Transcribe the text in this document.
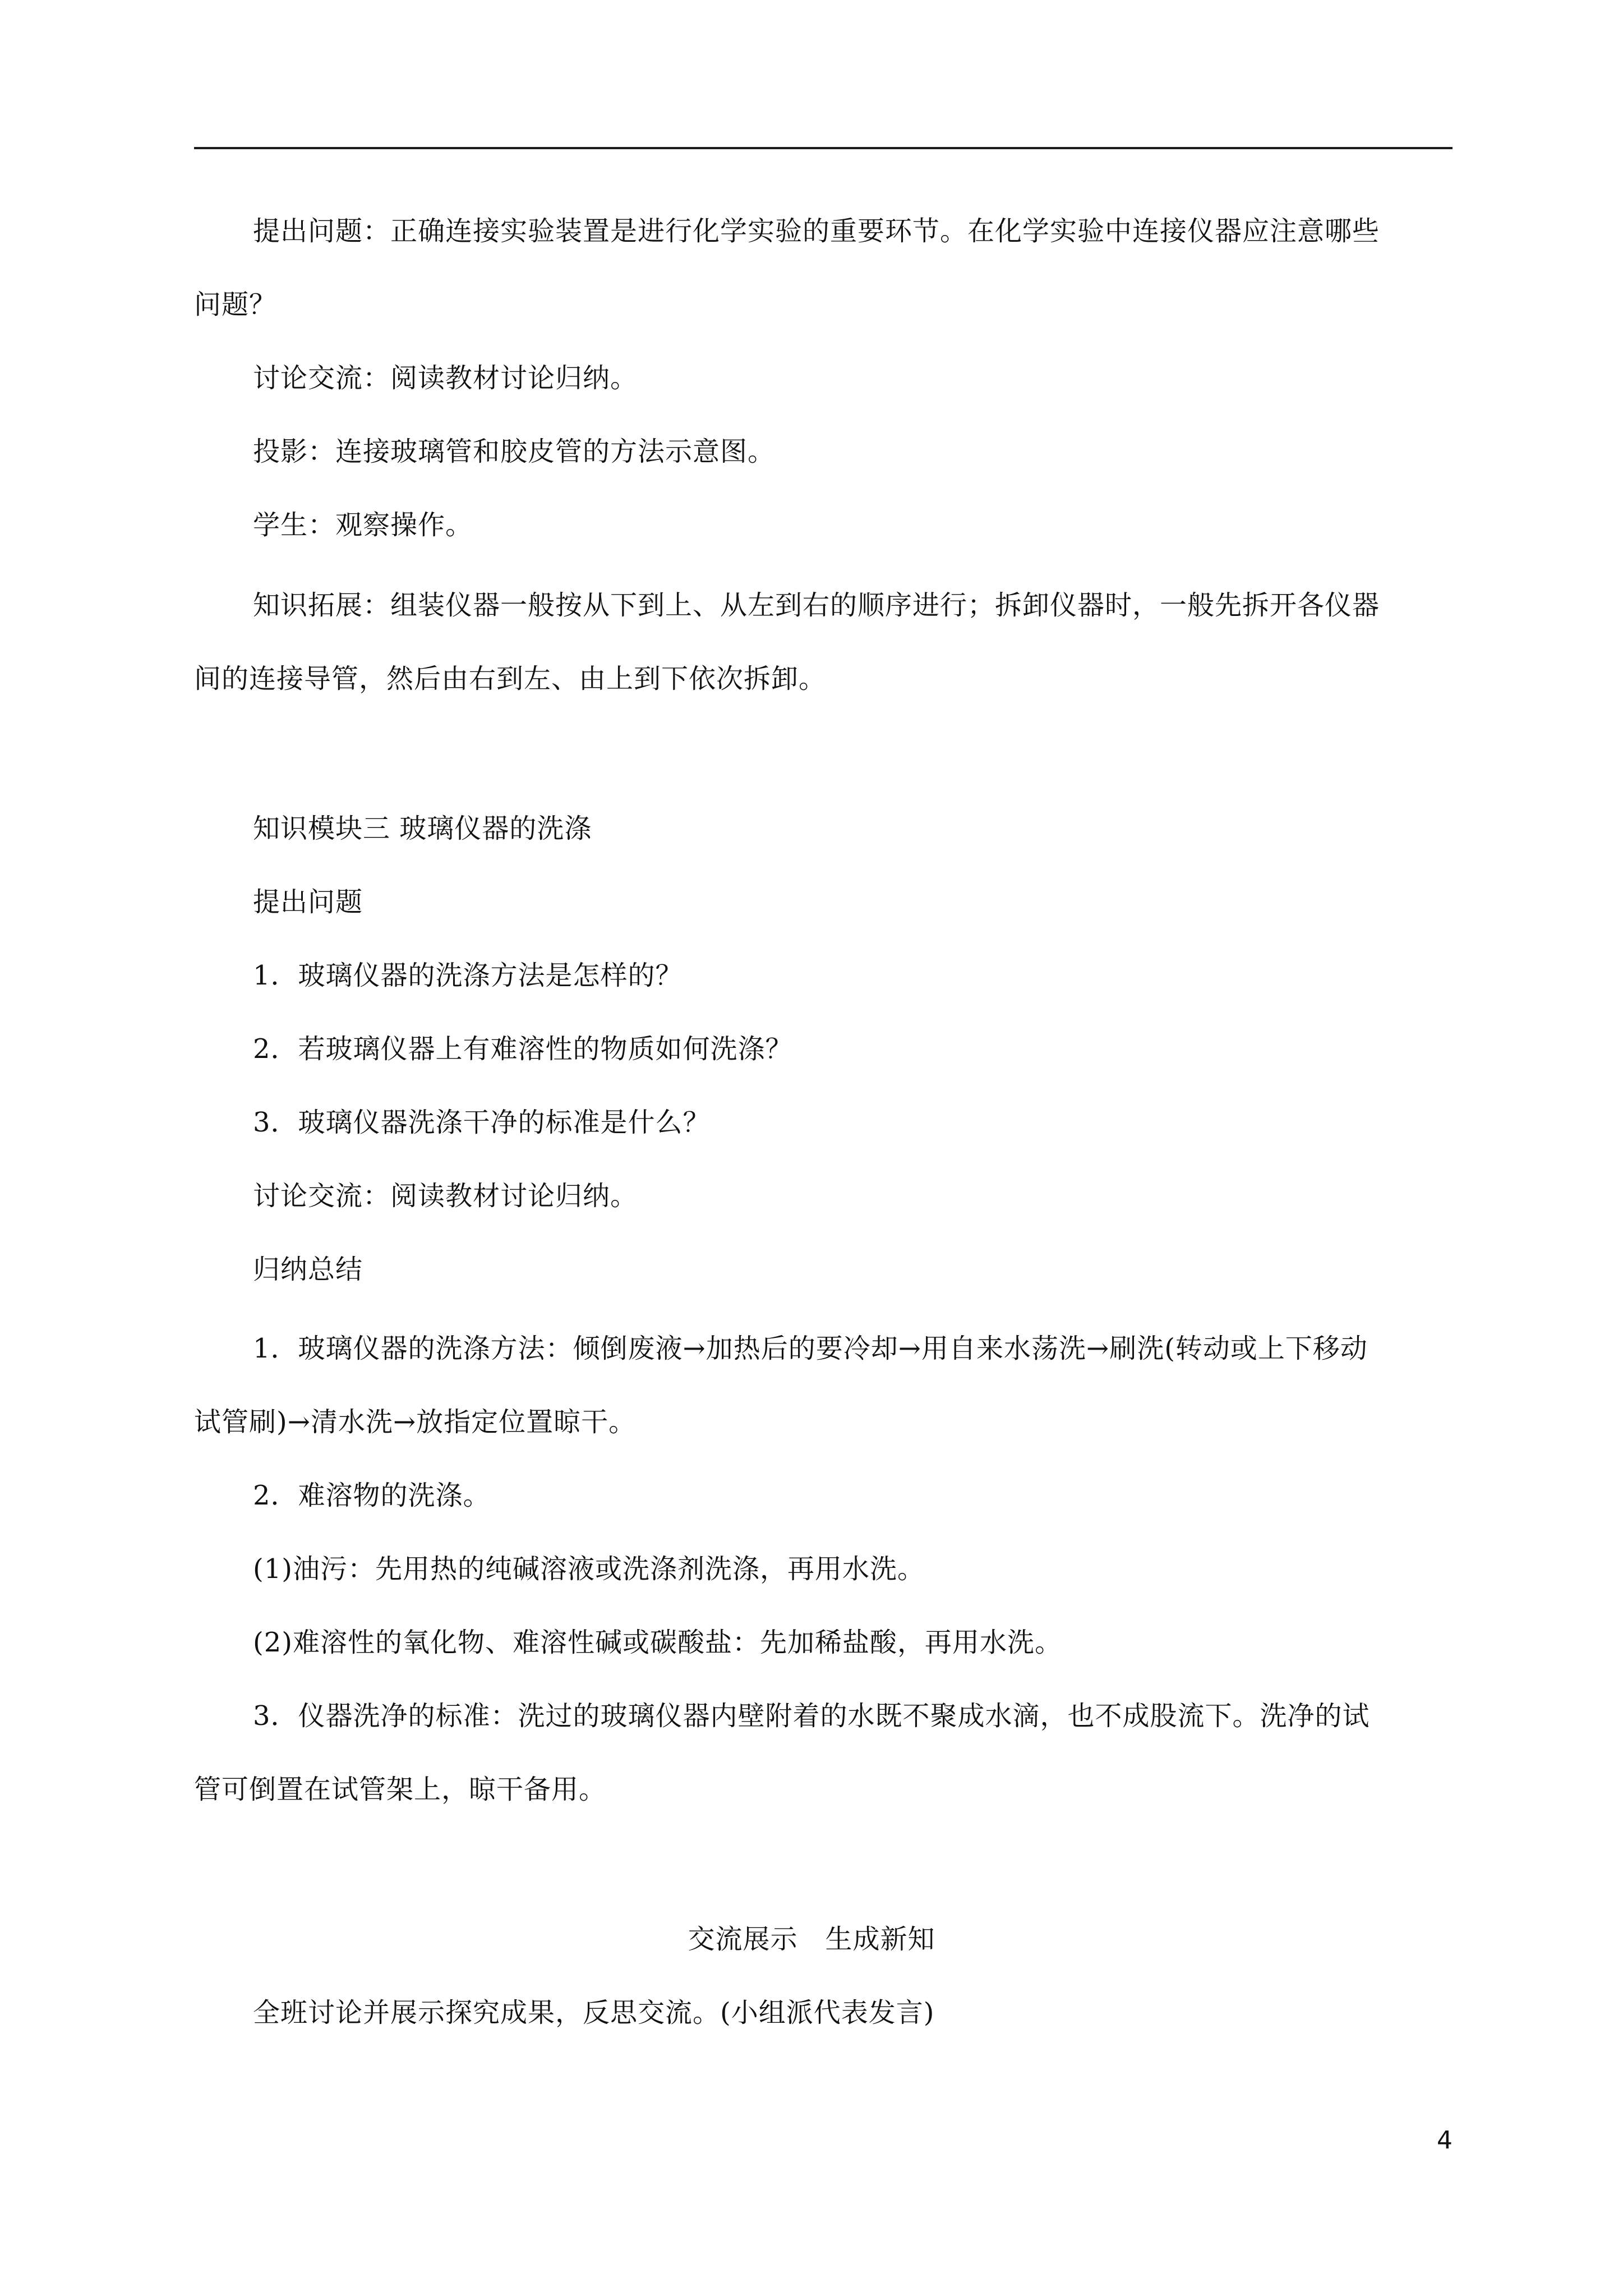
提出问题：正确连接实验装置是进行化学实验的重要环节。在化学实验中连接仪器应注意哪些
问题？
讨论交流：阅读教材讨论归纳。
投影：连接玻璃管和胶皮管的方法示意图。
学生：观察操作。
知识拓展：组装仪器一般按从下到上、从左到右的顺序进行；拆卸仪器时，一般先拆开各仪器
间的连接导管，然后由右到左、由上到下依次拆卸。
知识模块三 玻璃仪器的洗涤
提出问题
1．玻璃仪器的洗涤方法是怎样的？
2．若玻璃仪器上有难溶性的物质如何洗涤？
3．玻璃仪器洗涤干净的标准是什么？
讨论交流：阅读教材讨论归纳。
归纳总结
1．玻璃仪器的洗涤方法：倾倒废液→加热后的要冷却→用自来水荡洗→刷洗(转动或上下移动
试管刷)→清水洗→放指定位置晾干。
2．难溶物的洗涤。
(1)油污：先用热的纯碱溶液或洗涤剂洗涤，再用水洗。
(2)难溶性的氧化物、难溶性碱或碳酸盐：先加稀盐酸，再用水洗。
3．仪器洗净的标准：洗过的玻璃仪器内壁附着的水既不聚成水滴，也不成股流下。洗净的试
管可倒置在试管架上，晾干备用。
交流展示　生成新知
全班讨论并展示探究成果，反思交流。(小组派代表发言)
4
